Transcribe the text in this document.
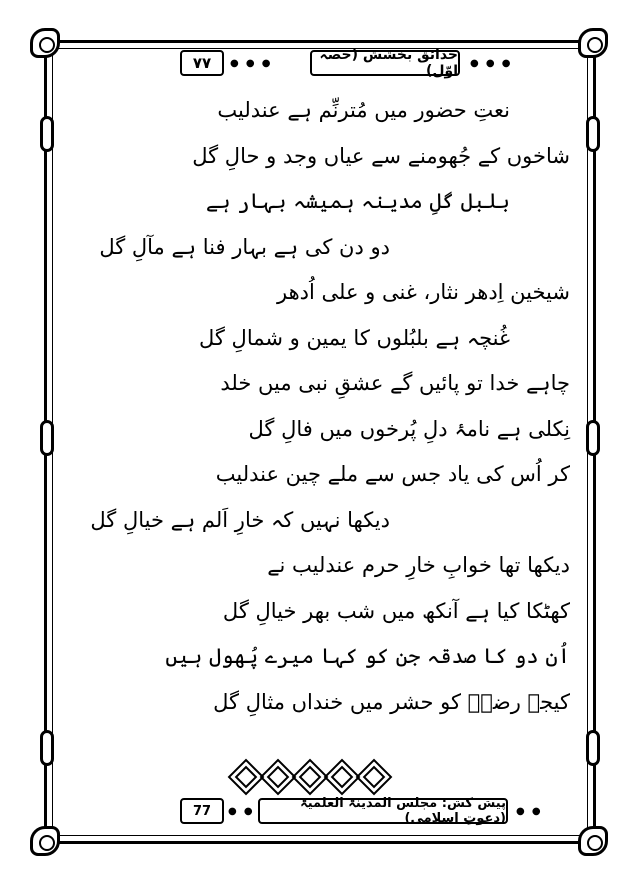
۷۷ ● ● ●
حدائق بخشش (حصہ اوّل) ● ● ●
نعتِ حضور میں مُترنِّم ہے عندلیب
شاخوں کے جُھومنے سے عیاں وجد و حالِ گل
بلبل گلِ مدینہ ہمیشہ بہار ہے
دو دن کی ہے بہار فنا ہے مآلِ گل
شیخین اِدھر نثار، غنی و علی اُدھر
غُنچہ ہے بلبُلوں کا یمین و شمالِ گل
چاہے خدا تو پائیں گے عشقِ نبی میں خلد
نِکلی ہے نامۂ دلِ پُرخوں میں فالِ گل
کر اُس کی یاد جس سے ملے چین عندلیب
دیکھا نہیں کہ خارِ اَلم ہے خیالِ گل
دیکھا تھا خوابِ خارِ حرم عندلیب نے
کھٹکا کیا ہے آنکھ میں شب بھر خیالِ گل
اُن دو کا صدقہ جن کو کہا میرے پُھول ہیں
کیجے رضاؔ کو حشر میں خنداں مثالِ گل
77 ● ●
پیش کش: مجلس المدینۃ العلمیۃ (دعوتِ اسلامی) ● ●
